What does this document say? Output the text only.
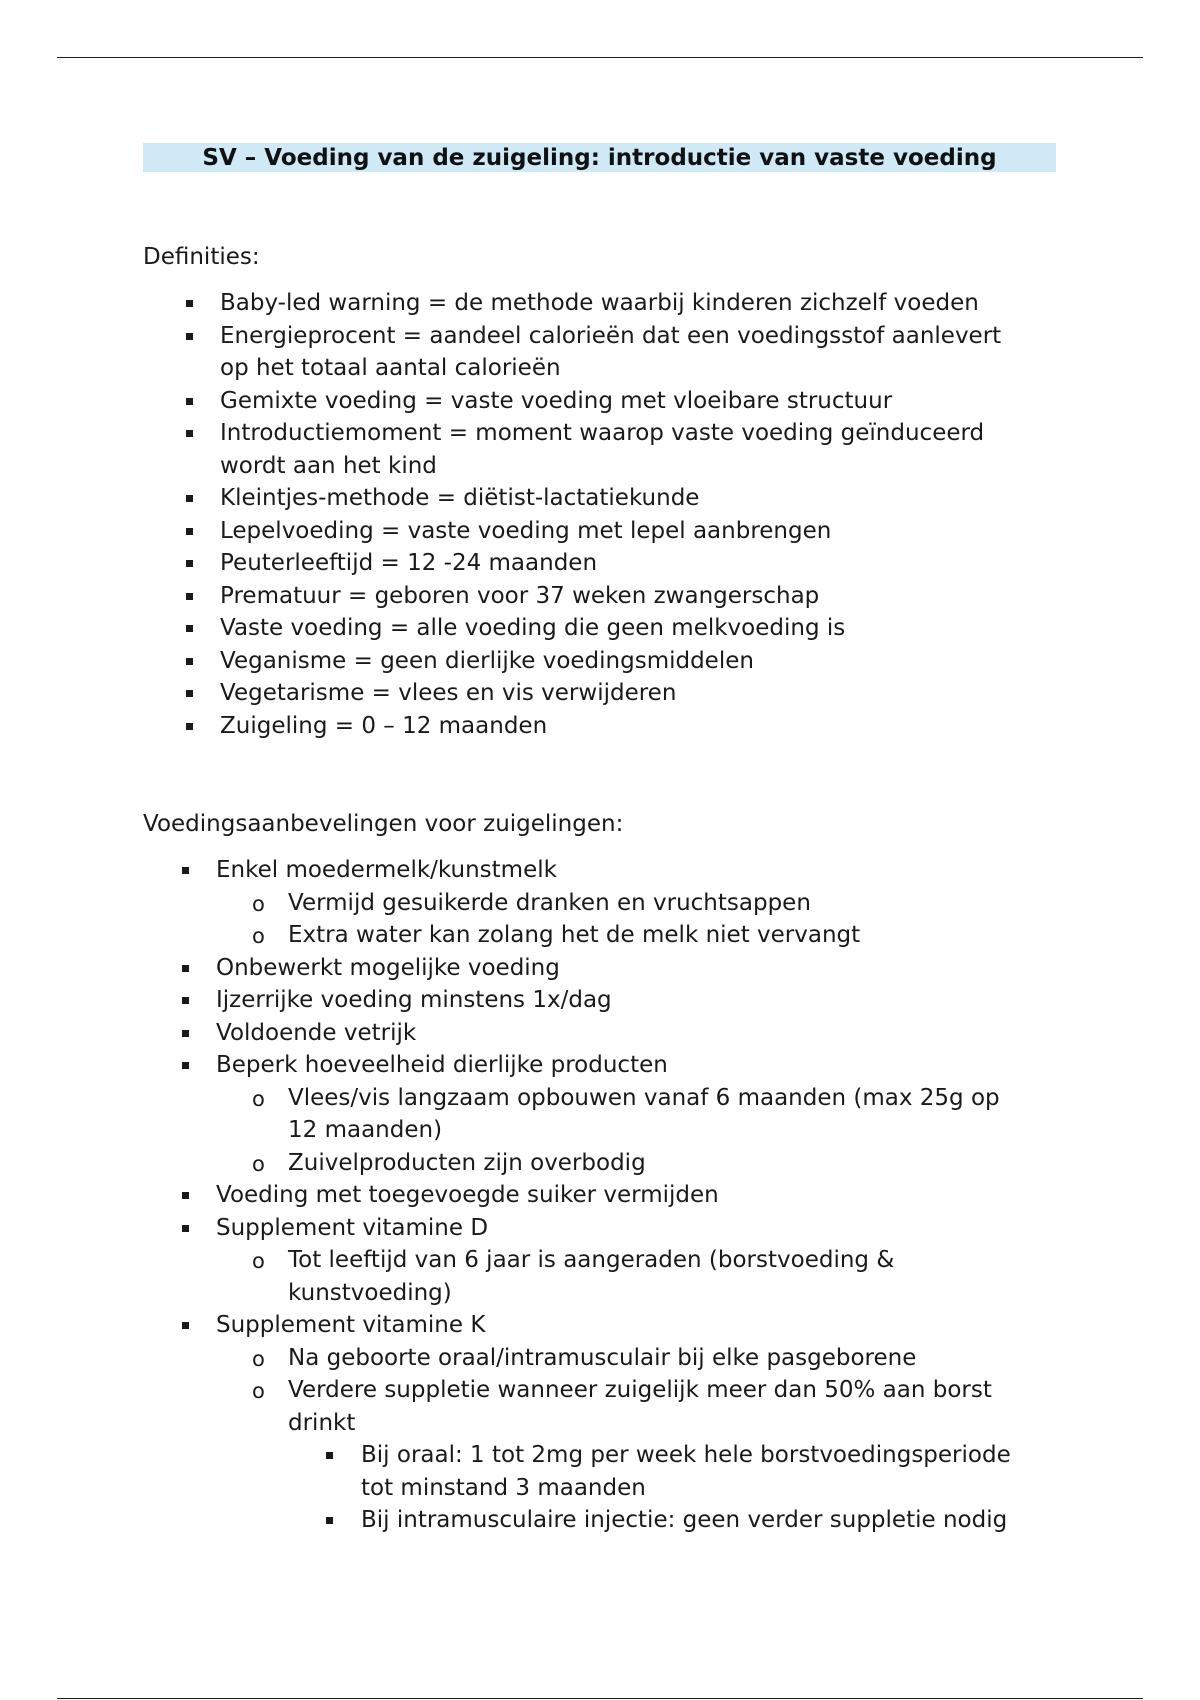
SV – Voeding van de zuigeling: introductie van vaste voeding
Definities:
Baby-led warning = de methode waarbij kinderen zichzelf voeden
Energieprocent = aandeel calorieën dat een voedingsstof aanlevert
op het totaal aantal calorieën
Gemixte voeding = vaste voeding met vloeibare structuur
Introductiemoment = moment waarop vaste voeding geïnduceerd
wordt aan het kind
Kleintjes-methode = diëtist-lactatiekunde
Lepelvoeding = vaste voeding met lepel aanbrengen
Peuterleeftijd = 12 -24 maanden
Prematuur = geboren voor 37 weken zwangerschap
Vaste voeding = alle voeding die geen melkvoeding is
Veganisme = geen dierlijke voedingsmiddelen
Vegetarisme = vlees en vis verwijderen
Zuigeling = 0 – 12 maanden
Voedingsaanbevelingen voor zuigelingen:
Enkel moedermelk/kunstmelk
o Vermijd gesuikerde dranken en vruchtsappen
o Extra water kan zolang het de melk niet vervangt
Onbewerkt mogelijke voeding
Ijzerrijke voeding minstens 1x/dag
Voldoende vetrijk
Beperk hoeveelheid dierlijke producten
o Vlees/vis langzaam opbouwen vanaf 6 maanden (max 25g op
12 maanden)
o Zuivelproducten zijn overbodig
Voeding met toegevoegde suiker vermijden
Supplement vitamine D
o Tot leeftijd van 6 jaar is aangeraden (borstvoeding &
kunstvoeding)
Supplement vitamine K
o Na geboorte oraal/intramusculair bij elke pasgeborene
o Verdere suppletie wanneer zuigelijk meer dan 50% aan borst
drinkt
Bij oraal: 1 tot 2mg per week hele borstvoedingsperiode
tot minstand 3 maanden
Bij intramusculaire injectie: geen verder suppletie nodig
